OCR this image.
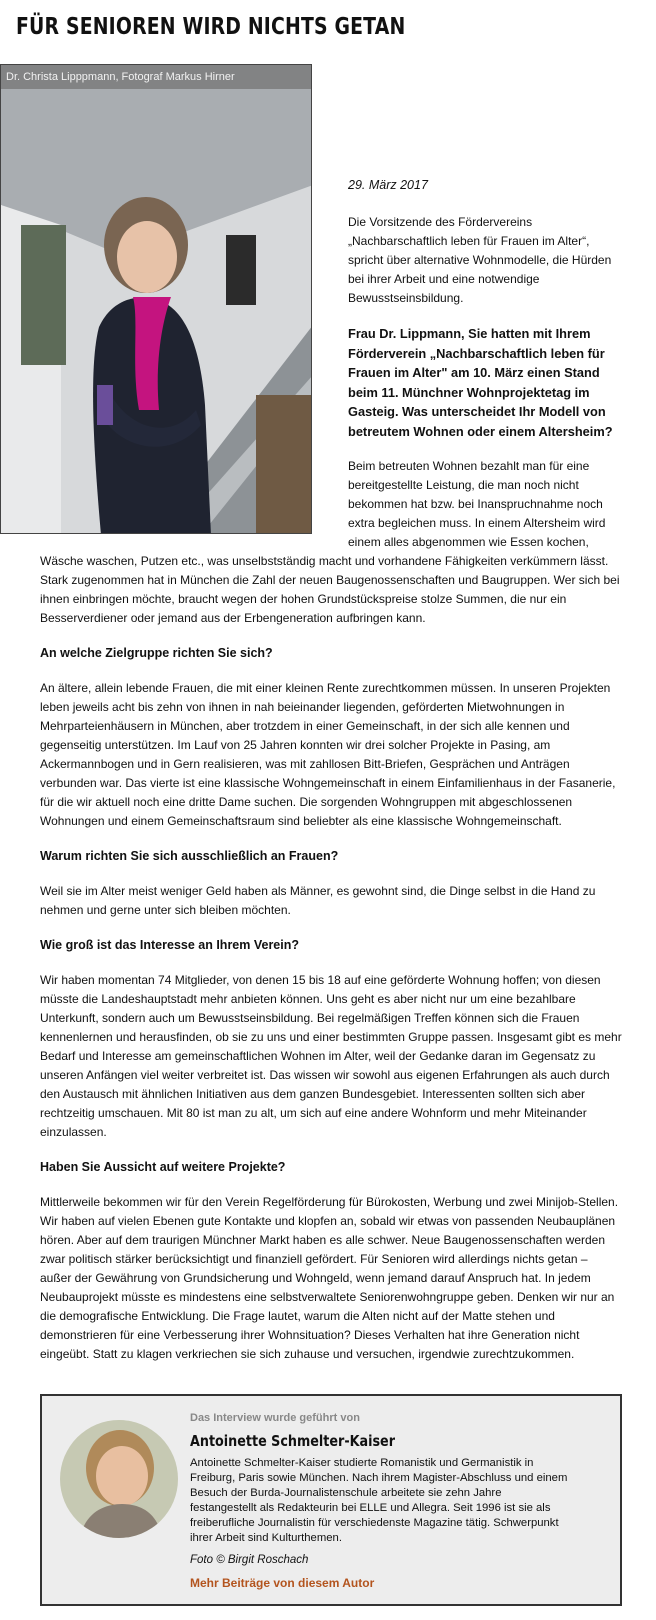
FÜR SENIOREN WIRD NICHTS GETAN
Dr. Christa Lipppmann, Fotograf Markus Hirner

29. März 2017

Die Vorsitzende des Fördervereins „Nachbarschaftlich leben für Frauen im Alter“, spricht über alternative Wohnmodelle, die Hürden bei ihrer Arbeit und eine notwendige Bewusstseinsbildung.

Frau Dr. Lippmann, Sie hatten mit Ihrem Förderverein „Nachbarschaftlich leben für Frauen im Alter" am 10. März einen Stand beim 11. Münchner Wohnprojektetag im Gasteig. Was unterscheidet Ihr Modell von betreutem Wohnen oder einem Altersheim?

Beim betreuten Wohnen bezahlt man für eine bereitgestellte Leistung, die man noch nicht bekommen hat bzw. bei Inanspruchnahme noch extra begleichen muss. In einem Altersheim wird einem alles abgenommen wie Essen kochen, Wäsche waschen, Putzen etc., was unselbstständig macht und vorhandene Fähigkeiten verkümmern lässt. Stark zugenommen hat in München die Zahl der neuen Baugenossenschaften und Baugruppen. Wer sich bei ihnen einbringen möchte, braucht wegen der hohen Grundstückspreise stolze Summen, die nur ein Besserverdiener oder jemand aus der Erbengeneration aufbringen kann.

An welche Zielgruppe richten Sie sich?

An ältere, allein lebende Frauen, die mit einer kleinen Rente zurechtkommen müssen. In unseren Projekten leben jeweils acht bis zehn von ihnen in nah beieinander liegenden, geförderten Mietwohnungen in Mehrparteienhäusern in München, aber trotzdem in einer Gemeinschaft, in der sich alle kennen und gegenseitig unterstützen. Im Lauf von 25 Jahren konnten wir drei solcher Projekte in Pasing, am Ackermannbogen und in Gern realisieren, was mit zahllosen Bitt-Briefen, Gesprächen und Anträgen verbunden war. Das vierte ist eine klassische Wohngemeinschaft in einem Einfamilienhaus in der Fasanerie, für die wir aktuell noch eine dritte Dame suchen. Die sorgenden Wohngruppen mit abgeschlossenen Wohnungen und einem Gemeinschaftsraum sind beliebter als eine klassische Wohngemeinschaft.

Warum richten Sie sich ausschließlich an Frauen?

Weil sie im Alter meist weniger Geld haben als Männer, es gewohnt sind, die Dinge selbst in die Hand zu nehmen und gerne unter sich bleiben möchten.

Wie groß ist das Interesse an Ihrem Verein?

Wir haben momentan 74 Mitglieder, von denen 15 bis 18 auf eine geförderte Wohnung hoffen; von diesen müsste die Landeshauptstadt mehr anbieten können. Uns geht es aber nicht nur um eine bezahlbare Unterkunft, sondern auch um Bewusstseinsbildung. Bei regelmäßigen Treffen können sich die Frauen kennenlernen und herausfinden, ob sie zu uns und einer bestimmten Gruppe passen. Insgesamt gibt es mehr Bedarf und Interesse am gemeinschaftlichen Wohnen im Alter, weil der Gedanke daran im Gegensatz zu unseren Anfängen viel weiter verbreitet ist. Das wissen wir sowohl aus eigenen Erfahrungen als auch durch den Austausch mit ähnlichen Initiativen aus dem ganzen Bundesgebiet. Interessenten sollten sich aber rechtzeitig umschauen. Mit 80 ist man zu alt, um sich auf eine andere Wohnform und mehr Miteinander einzulassen.

Haben Sie Aussicht auf weitere Projekte?

Mittlerweile bekommen wir für den Verein Regelförderung für Bürokosten, Werbung und zwei Minijob-Stellen. Wir haben auf vielen Ebenen gute Kontakte und klopfen an, sobald wir etwas von passenden Neubauplänen hören. Aber auf dem traurigen Münchner Markt haben es alle schwer. Neue Baugenossenschaften werden zwar politisch stärker berücksichtigt und finanziell gefördert. Für Senioren wird allerdings nichts getan – außer der Gewährung von Grundsicherung und Wohngeld, wenn jemand darauf Anspruch hat. In jedem Neubauprojekt müsste es mindestens eine selbstverwaltete Seniorenwohngruppe geben. Denken wir nur an die demografische Entwicklung. Die Frage lautet, warum die Alten nicht auf der Matte stehen und demonstrieren für eine Verbesserung ihrer Wohnsituation? Dieses Verhalten hat ihre Generation nicht eingeübt. Statt zu klagen verkriechen sie sich zuhause und versuchen, irgendwie zurechtzukommen.

Das Interview wurde geführt von

Antoinette Schmelter-Kaiser

Antoinette Schmelter-Kaiser studierte Romanistik und Germanistik in Freiburg, Paris sowie München. Nach ihrem Magister-Abschluss und einem Besuch der Burda-Journalistenschule arbeitete sie zehn Jahre festangestellt als Redakteurin bei ELLE und Allegra. Seit 1996 ist sie als freiberufliche Journalistin für verschiedenste Magazine tätig. Schwerpunkt ihrer Arbeit sind Kulturthemen.

Foto © Birgit Roschach

Mehr Beiträge von diesem Autor
